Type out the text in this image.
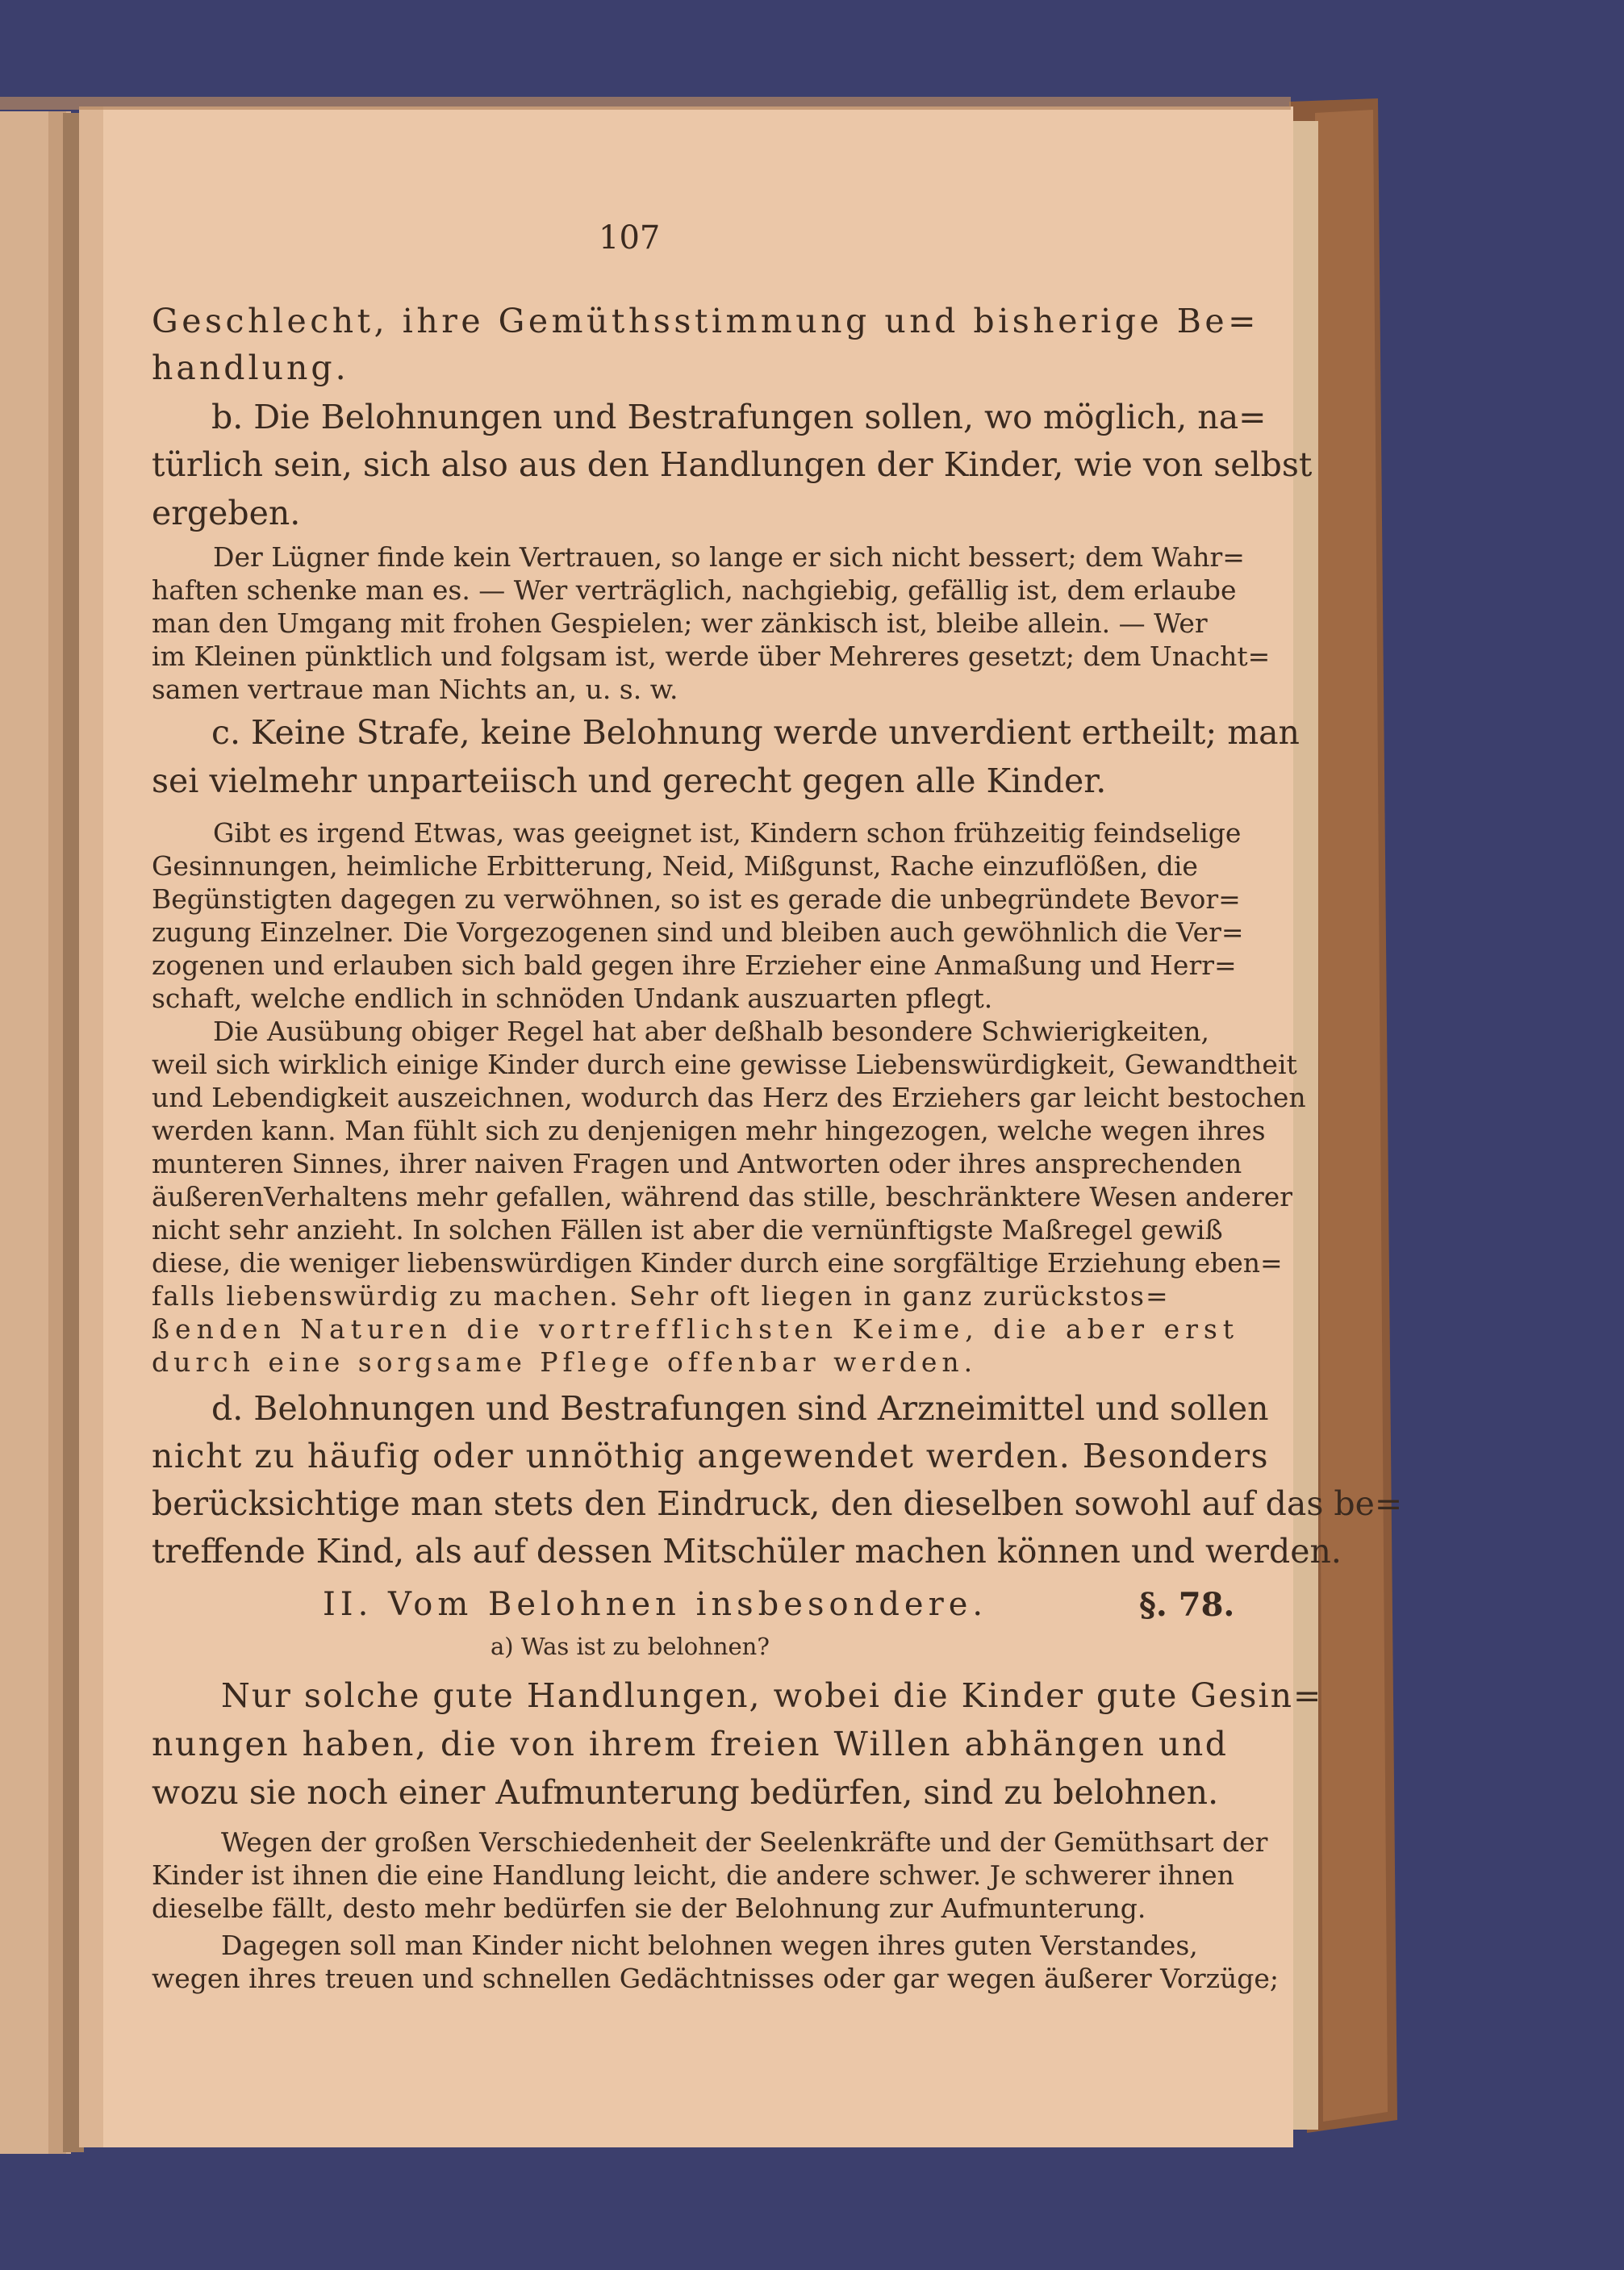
107
Geschlecht, ihre Gemüthsstimmung und bisherige Be=
handlung.
b. Die Belohnungen und Bestrafungen sollen, wo möglich, na=
türlich sein, sich also aus den Handlungen der Kinder, wie von selbst
ergeben.
Der Lügner finde kein Vertrauen, so lange er sich nicht bessert; dem Wahr=
haften schenke man es. — Wer verträglich, nachgiebig, gefällig ist, dem erlaube
man den Umgang mit frohen Gespielen; wer zänkisch ist, bleibe allein. — Wer
im Kleinen pünktlich und folgsam ist, werde über Mehreres gesetzt; dem Unacht=
samen vertraue man Nichts an, u. s. w.
c. Keine Strafe, keine Belohnung werde unverdient ertheilt; man
sei vielmehr unparteiisch und gerecht gegen alle Kinder.
Gibt es irgend Etwas, was geeignet ist, Kindern schon frühzeitig feindselige
Gesinnungen, heimliche Erbitterung, Neid, Mißgunst, Rache einzuflößen, die
Begünstigten dagegen zu verwöhnen, so ist es gerade die unbegründete Bevor=
zugung Einzelner. Die Vorgezogenen sind und bleiben auch gewöhnlich die Ver=
zogenen und erlauben sich bald gegen ihre Erzieher eine Anmaßung und Herr=
schaft, welche endlich in schnöden Undank auszuarten pflegt.
Die Ausübung obiger Regel hat aber deßhalb besondere Schwierigkeiten,
weil sich wirklich einige Kinder durch eine gewisse Liebenswürdigkeit, Gewandtheit
und Lebendigkeit auszeichnen, wodurch das Herz des Erziehers gar leicht bestochen
werden kann. Man fühlt sich zu denjenigen mehr hingezogen, welche wegen ihres
munteren Sinnes, ihrer naiven Fragen und Antworten oder ihres ansprechenden
äußerenVerhaltens mehr gefallen, während das stille, beschränktere Wesen anderer
nicht sehr anzieht. In solchen Fällen ist aber die vernünftigste Maßregel gewiß
diese, die weniger liebenswürdigen Kinder durch eine sorgfältige Erziehung eben=
falls liebenswürdig zu machen. Sehr oft liegen in ganz zurückstos=
ßenden Naturen die vortrefflichsten Keime, die aber erst
durch eine sorgsame Pflege offenbar werden.
d. Belohnungen und Bestrafungen sind Arzneimittel und sollen
nicht zu häufig oder unnöthig angewendet werden. Besonders
berücksichtige man stets den Eindruck, den dieselben sowohl auf das be=
treffende Kind, als auf dessen Mitschüler machen können und werden.
II. Vom Belohnen insbesondere.	§. 78.
a) Was ist zu belohnen?
Nur solche gute Handlungen, wobei die Kinder gute Gesin=
nungen haben, die von ihrem freien Willen abhängen und
wozu sie noch einer Aufmunterung bedürfen, sind zu belohnen.
Wegen der großen Verschiedenheit der Seelenkräfte und der Gemüthsart der
Kinder ist ihnen die eine Handlung leicht, die andere schwer. Je schwerer ihnen
dieselbe fällt, desto mehr bedürfen sie der Belohnung zur Aufmunterung.
Dagegen soll man Kinder nicht belohnen wegen ihres guten Verstandes,
wegen ihres treuen und schnellen Gedächtnisses oder gar wegen äußerer Vorzüge;
